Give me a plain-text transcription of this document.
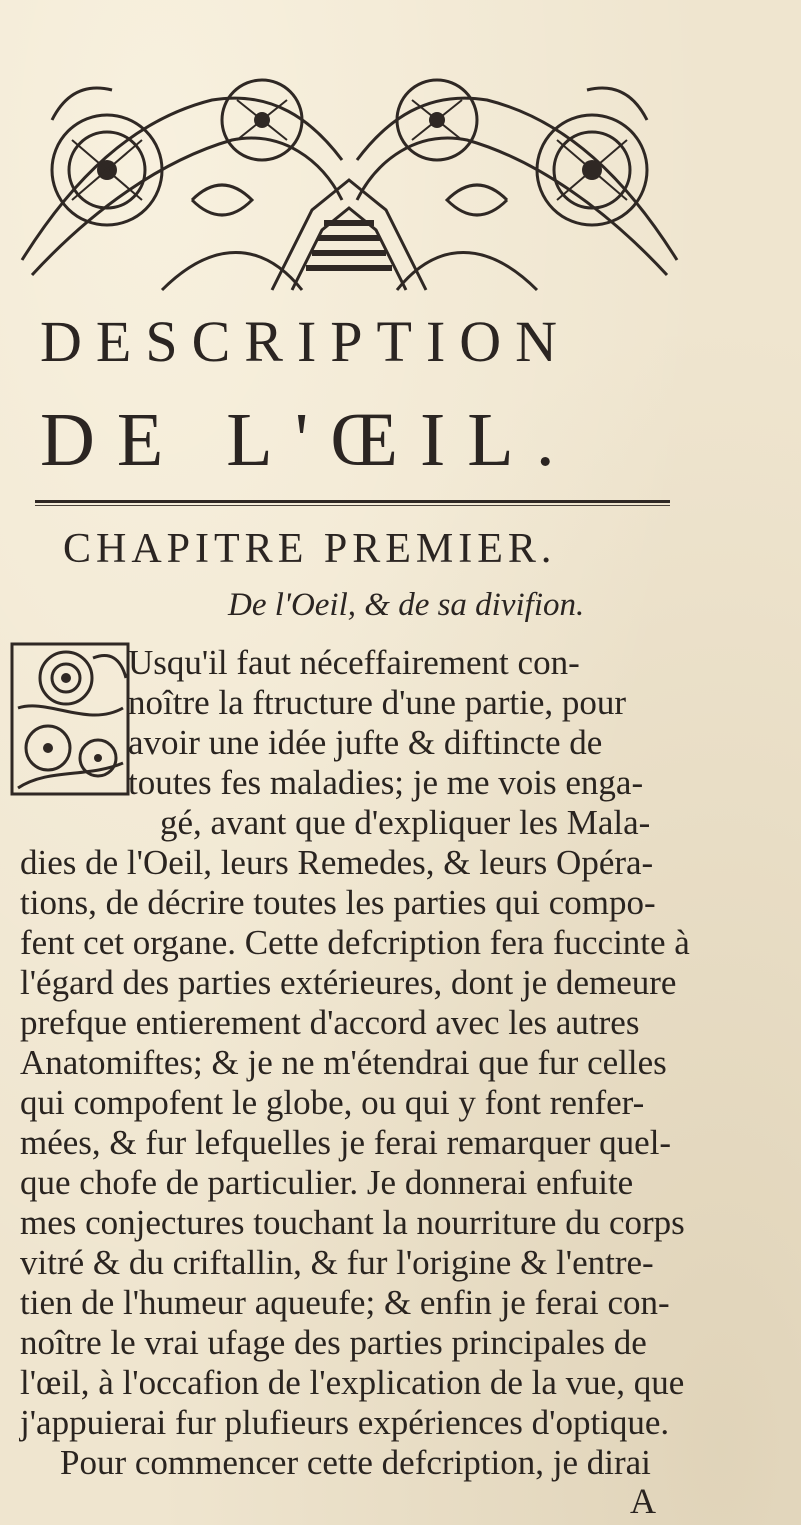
DESCRIPTION
DE L'ŒIL.
CHAPITRE PREMIER.
De l'Oeil, & de sa divifion.
Usqu'il faut néceffairement con-
noître la ftructure d'une partie, pour
avoir une idée jufte & diftincte de
toutes fes maladies; je me vois enga-
gé, avant que d'expliquer les Mala-
dies de l'Oeil, leurs Remedes, & leurs Opéra-
tions, de décrire toutes les parties qui compo-
fent cet organe. Cette defcription fera fuccinte à
l'égard des parties extérieures, dont je demeure
prefque entierement d'accord avec les autres
Anatomiftes; & je ne m'étendrai que fur celles
qui compofent le globe, ou qui y font renfer-
mées, & fur lefquelles je ferai remarquer quel-
que chofe de particulier. Je donnerai enfuite
mes conjectures touchant la nourriture du corps
vitré & du criftallin, & fur l'origine & l'entre-
tien de l'humeur aqueufe; & enfin je ferai con-
noître le vrai ufage des parties principales de
l'œil, à l'occafion de l'explication de la vue, que
j'appuierai fur plufieurs expériences d'optique.
Pour commencer cette defcription, je dirai
A
